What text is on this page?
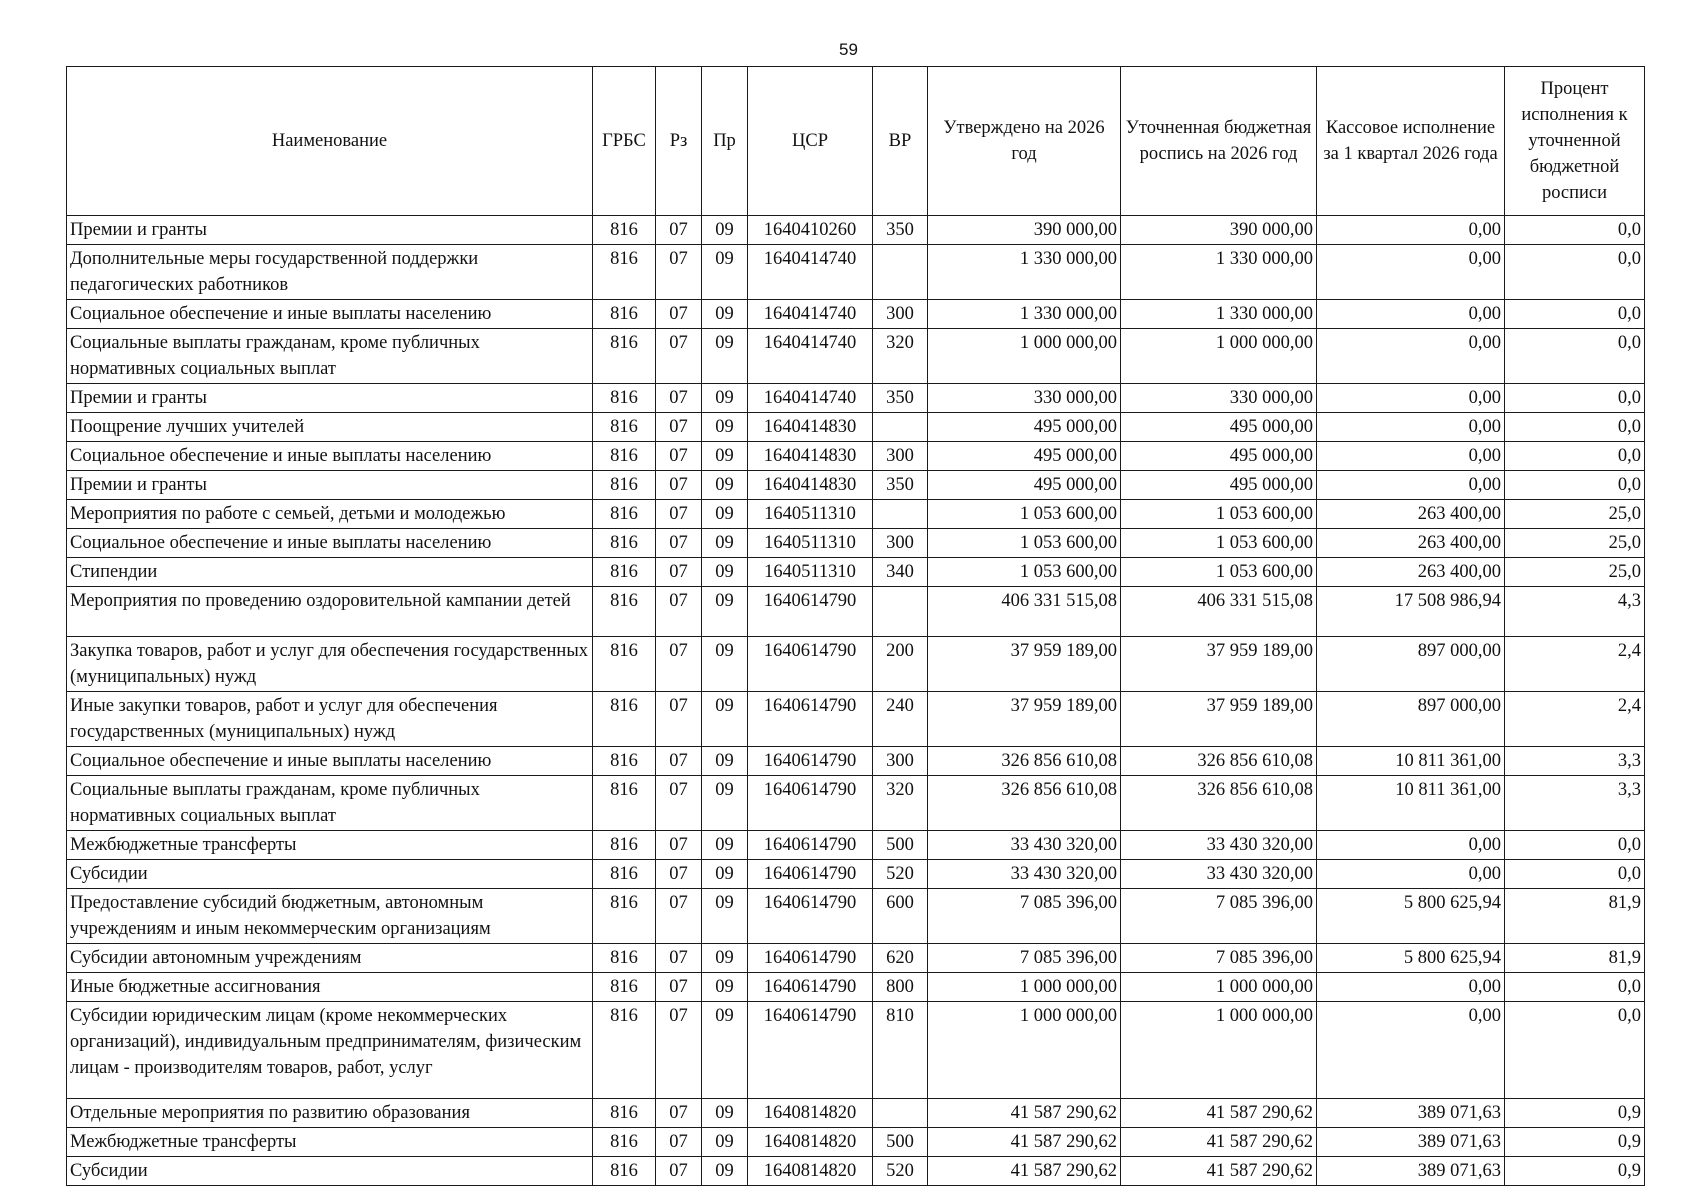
59
Наименование	ГРБС	Рз	Пр	ЦСР	ВР	Утверждено на 2026 год	Уточненная бюджетная роспись на 2026 год	Кассовое исполнение за 1 квартал 2026 года	Процент исполнения к уточненной бюджетной росписи
Премии и гранты	816	07	09	1640410260	350	390 000,00	390 000,00	0,00	0,0
Дополнительные меры государственной поддержки педагогических работников	816	07	09	1640414740		1 330 000,00	1 330 000,00	0,00	0,0
Социальное обеспечение и иные выплаты населению	816	07	09	1640414740	300	1 330 000,00	1 330 000,00	0,00	0,0
Социальные выплаты гражданам, кроме публичных нормативных социальных выплат	816	07	09	1640414740	320	1 000 000,00	1 000 000,00	0,00	0,0
Премии и гранты	816	07	09	1640414740	350	330 000,00	330 000,00	0,00	0,0
Поощрение лучших учителей	816	07	09	1640414830		495 000,00	495 000,00	0,00	0,0
Социальное обеспечение и иные выплаты населению	816	07	09	1640414830	300	495 000,00	495 000,00	0,00	0,0
Премии и гранты	816	07	09	1640414830	350	495 000,00	495 000,00	0,00	0,0
Мероприятия по работе с семьей, детьми и молодежью	816	07	09	1640511310		1 053 600,00	1 053 600,00	263 400,00	25,0
Социальное обеспечение и иные выплаты населению	816	07	09	1640511310	300	1 053 600,00	1 053 600,00	263 400,00	25,0
Стипендии	816	07	09	1640511310	340	1 053 600,00	1 053 600,00	263 400,00	25,0
Мероприятия по проведению оздоровительной кампании детей	816	07	09	1640614790		406 331 515,08	406 331 515,08	17 508 986,94	4,3
Закупка товаров, работ и услуг для обеспечения государственных (муниципальных) нужд	816	07	09	1640614790	200	37 959 189,00	37 959 189,00	897 000,00	2,4
Иные закупки товаров, работ и услуг для обеспечения государственных (муниципальных) нужд	816	07	09	1640614790	240	37 959 189,00	37 959 189,00	897 000,00	2,4
Социальное обеспечение и иные выплаты населению	816	07	09	1640614790	300	326 856 610,08	326 856 610,08	10 811 361,00	3,3
Социальные выплаты гражданам, кроме публичных нормативных социальных выплат	816	07	09	1640614790	320	326 856 610,08	326 856 610,08	10 811 361,00	3,3
Межбюджетные трансферты	816	07	09	1640614790	500	33 430 320,00	33 430 320,00	0,00	0,0
Субсидии	816	07	09	1640614790	520	33 430 320,00	33 430 320,00	0,00	0,0
Предоставление субсидий бюджетным, автономным учреждениям и иным некоммерческим организациям	816	07	09	1640614790	600	7 085 396,00	7 085 396,00	5 800 625,94	81,9
Субсидии автономным учреждениям	816	07	09	1640614790	620	7 085 396,00	7 085 396,00	5 800 625,94	81,9
Иные бюджетные ассигнования	816	07	09	1640614790	800	1 000 000,00	1 000 000,00	0,00	0,0
Субсидии юридическим лицам (кроме некоммерческих организаций), индивидуальным предпринимателям, физическим лицам - производителям товаров, работ, услуг	816	07	09	1640614790	810	1 000 000,00	1 000 000,00	0,00	0,0
Отдельные мероприятия по развитию образования	816	07	09	1640814820		41 587 290,62	41 587 290,62	389 071,63	0,9
Межбюджетные трансферты	816	07	09	1640814820	500	41 587 290,62	41 587 290,62	389 071,63	0,9
Субсидии	816	07	09	1640814820	520	41 587 290,62	41 587 290,62	389 071,63	0,9
